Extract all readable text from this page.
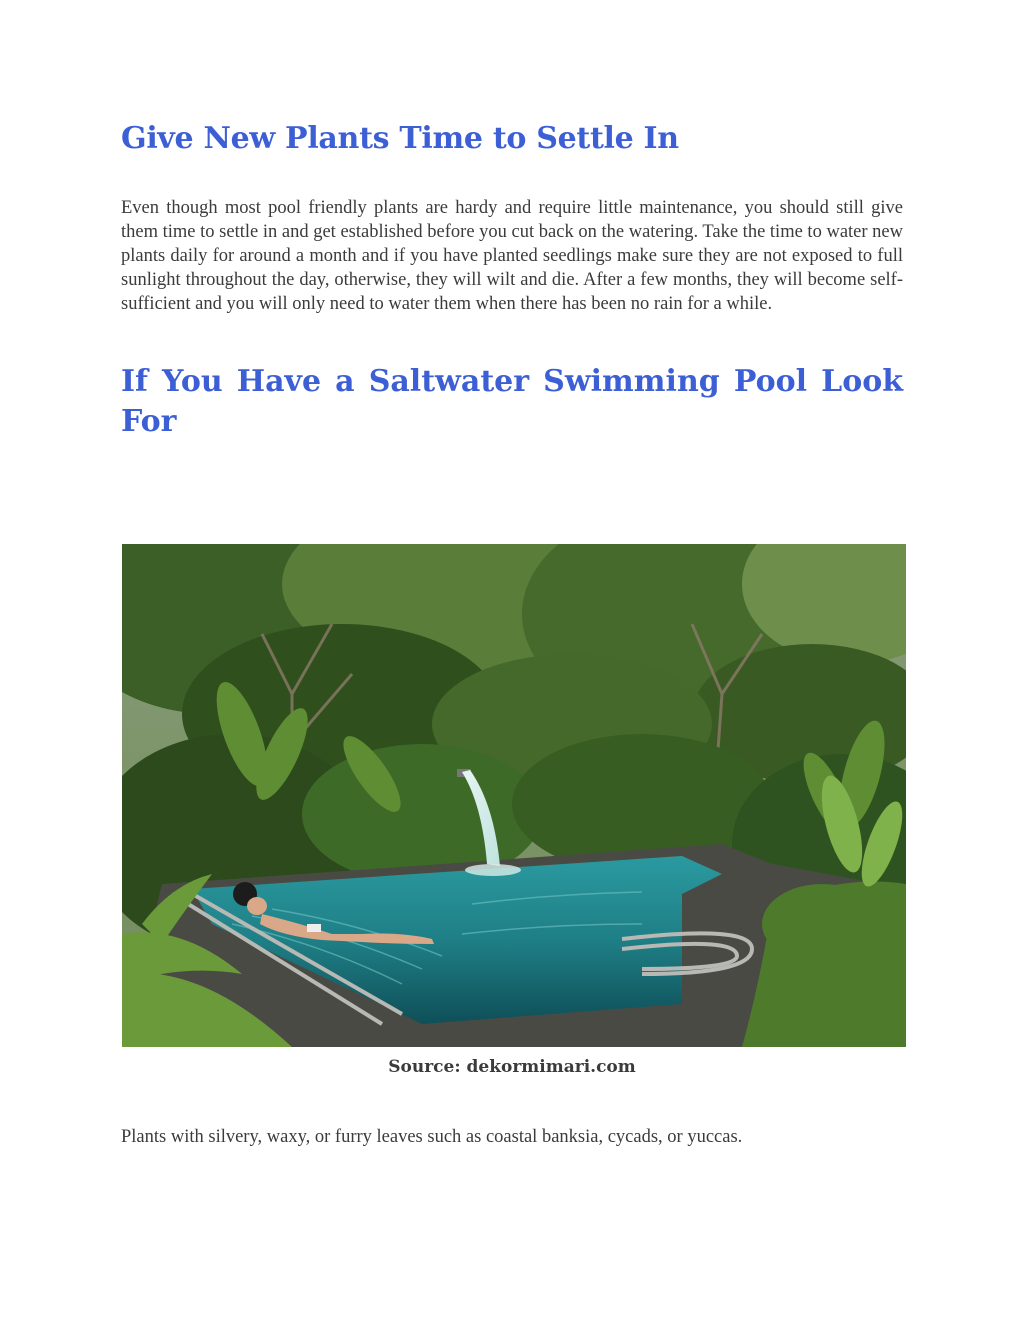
Give New Plants Time to Settle In

Even though most pool friendly plants are hardy and require little maintenance, you should still give them time to settle in and get established before you cut back on the watering. Take the time to water new plants daily for around a month and if you have planted seedlings make sure they are not exposed to full sunlight throughout the day, otherwise, they will wilt and die. After a few months, they will become self-sufficient and you will only need to water them when there has been no rain for a while.

If You Have a Saltwater Swimming Pool Look For

Source: dekormimari.com

Plants with silvery, waxy, or furry leaves such as coastal banksia, cycads, or yuccas.
